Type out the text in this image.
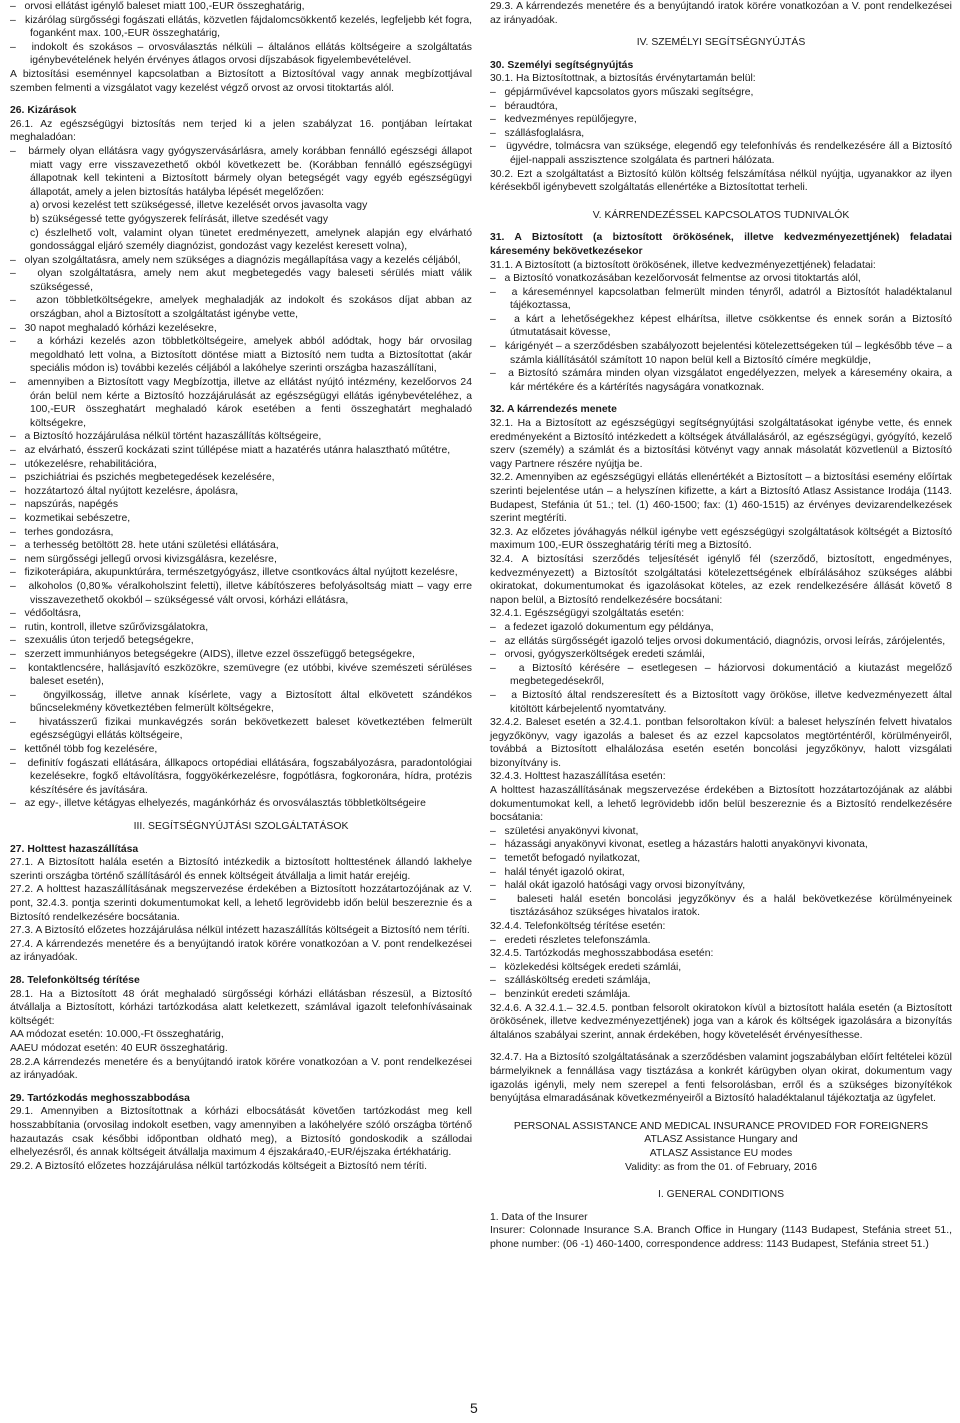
–   orvosi ellátást igénylő baleset miatt 100,-EUR összeghatárig,

–   kizárólag sürgősségi fogászati ellátás, közvetlen fájdalomcsökkentő kezelés, legfeljebb két fogra, foganként max. 100,-EUR összeghatárig,

–   indokolt és szokásos – orvosválasztás nélküli – általános ellátás költségeire a szolgáltatás igénybevételének helyén érvényes átlagos orvosi díjszabások figyelembevételével.

A biztosítási eseménnyel kapcsolatban a Biztosított a Biztosítóval vagy annak megbízottjával szemben felmenti a vizsgálatot vagy kezelést végző orvost az orvosi titoktartás alól.

26. Kizárások

26.1. Az egészségügyi biztosítás nem terjed ki a jelen szabályzat 16. pontjában leírtakat meghaladóan:

–   bármely olyan ellátásra vagy gyógyszervásárlásra, amely korábban fennálló egészségi állapot miatt vagy erre visszavezethető okból következett be. (Korábban fennálló egészségügyi állapotnak kell tekinteni a Biztosított bármely olyan betegségét vagy egyéb egészségügyi állapotát, amely a jelen biztosítás hatályba lépését megelőzően:

a) orvosi kezelést tett szükségessé, illetve kezelését orvos javasolta vagy

b) szükségessé tette gyógyszerek felírását, illetve szedését vagy

c) észlelhető volt, valamint olyan tünetet eredményezett, amelynek alapján egy elvárható gondossággal eljáró személy diagnózist, gondozást vagy kezelést keresett volna),

–   olyan szolgáltatásra, amely nem szükséges a diagnózis megállapítása vagy a kezelés céljából,

–   olyan szolgáltatásra, amely nem akut megbetegedés vagy baleseti sérülés miatt válik szükségessé,

–   azon többletköltségekre, amelyek meghaladják az indokolt és szokásos díjat abban az országban, ahol a Biztosított a szolgáltatást igénybe vette,

–   30 napot meghaladó kórházi kezelésekre,

–   a kórházi kezelés azon többletköltségeire, amelyek abból adódtak, hogy bár orvosilag megoldható lett volna, a Biztosított döntése miatt a Biztosító nem tudta a Biztosítottat (akár speciális módon is) további kezelés céljából a lakóhelye szerinti országba hazaszállítani,

–   amennyiben a Biztosított vagy Megbízottja, illetve az ellátást nyújtó intézmény, kezelőorvos 24 órán belül nem kérte a Biztosító hozzájárulását az egészségügyi ellátás igénybevételéhez, a 100,-EUR összeghatárt meghaladó károk esetében a fenti összeghatárt meghaladó költségekre,

–   a Biztosító hozzájárulása nélkül történt hazaszállítás költségeire,

–   az elvárható, ésszerű kockázati szint túllépése miatt a hazatérés utánra halasztható műtétre,

–   utókezelésre, rehabilitációra,

–   pszichiátriai és pszichés megbetegedések kezelésére,

–   hozzátartozó által nyújtott kezelésre, ápolásra,

–   napszúrás, napégés

–   kozmetikai sebészetre,

–   terhes gondozásra,

–   a terhesség betöltött 28. hete utáni születési ellátására,

–   nem sürgősségi jellegű orvosi kivizsgálásra, kezelésre,

–   fizikoterápiára, akupunktúrára, természetgyógyász, illetve csontkovács által nyújtott kezelésre,

–   alkoholos (0,80‰ véralkoholszint feletti), illetve kábítószeres befolyásoltság miatt – vagy erre visszavezethető okokból – szükségessé vált orvosi, kórházi ellátásra,

–   védőoltásra,

–   rutin, kontroll, illetve szűrővizsgálatokra,

–   szexuális úton terjedő betegségekre,

–   szerzett immunhiányos betegségekre (AIDS), illetve ezzel összefüggő betegségekre,

–   kontaktlencsére, hallásjavító eszközökre, szemüvegre (ez utóbbi, kivéve szemészeti sérüléses baleset esetén),

–   öngyilkosság, illetve annak kísérlete, vagy a Biztosított által elkövetett szándékos bűncselekmény következtében felmerült költségekre,

–   hivatásszerű fizikai munkavégzés során bekövetkezett baleset következtében felmerült egészségügyi ellátás költségeire,

–   kettőnél több fog kezelésére,

–   definitív fogászati ellátására, állkapocs ortopédiai ellátására, fogszabályozásra, paradontológiai kezelésekre, fogkő eltávolításra, foggyökérkezelésre, fogpótlásra, fogkoronára, hídra, protézis készítésére és javítására.

–   az egy-, illetve kétágyas elhelyezés, magánkórház és orvosválasztás többletköltségeire

III. SEGÍTSÉGNYÚJTÁSI SZOLGÁLTATÁSOK

27. Holttest hazaszállítása

27.1. A Biztosított halála esetén a Biztosító intézkedik a biztosított holttestének állandó lakhelye szerinti országba történő szállításáról és ennek költségeit átvállalja a limit határ erejéig.

27.2. A holttest hazaszállításának megszervezése érdekében a Biztosított hozzátartozójának az V. pont, 32.4.3. pontja szerinti dokumentumokat kell, a lehető legrövidebb időn belül beszereznie és a Biztosító rendelkezésére bocsátania.

27.3. A Biztosító előzetes hozzájárulása nélkül intézett hazaszállítás költségeit a Biztosító nem téríti.

27.4. A kárrendezés menetére és a benyújtandó iratok körére vonatkozóan a V. pont rendelkezései az irányadóak.

28. Telefonköltség térítése

28.1. Ha a Biztosított 48 órát meghaladó sürgősségi kórházi ellátásban részesül, a Biztosító átvállalja a Biztosított, kórházi tartózkodása alatt keletkezett, számlával igazolt telefonhívásainak költségét:

AA módozat esetén: 10.000,-Ft összeghatárig,

AAEU módozat esetén: 40 EUR összeghatárig.

28.2.A kárrendezés menetére és a benyújtandó iratok körére vonatkozóan a V. pont rendelkezései az irányadóak.

29. Tartózkodás meghosszabbodása

29.1. Amennyiben a Biztosítottnak a kórházi elbocsátását követően tartózkodást meg kell hosszabbítania (orvosilag indokolt esetben, vagy amennyiben a lakóhelyére szóló országba történő hazautazás csak későbbi időpontban oldható meg), a Biztosító gondoskodik a szállodai elhelyezésről, és annak költségeit átvállalja maximum 4 éjszakára40,-EUR/éjszaka értékhatárig.

29.2. A Biztosító előzetes hozzájárulása nélkül tartózkodás költségeit a Biztosító nem téríti.

29.3. A kárrendezés menetére és a benyújtandó iratok körére vonatkozóan a V. pont rendelkezései az irányadóak.

IV. SZEMÉLYI SEGÍTSÉGNYÚJTÁS

30. Személyi segítségnyújtás

30.1. Ha Biztosítottnak, a biztosítás érvénytartamán belül:

–   gépjárművével kapcsolatos gyors műszaki segítségre,

–   béraudtóra,

–   kedvezményes repülőjegyre,

–   szállásfoglalásra,

–   ügyvédre, tolmácsra van szüksége, elegendő egy telefonhívás és rendelkezésére áll a Biztosító éjjel-nappali asszisztence szolgálata és partneri hálózata.

30.2. Ezt a szolgáltatást a Biztosító külön költség felszámítása nélkül nyújtja, ugyanakkor az ilyen kérésekből igénybevett szolgáltatás ellenértéke a Biztosítottat terheli.

V. KÁRRENDEZÉSSEL KAPCSOLATOS TUDNIVALÓK

31. A Biztosított (a biztosított örökösének, illetve kedvezményezettjének) feladatai káresemény bekövetkezésekor

31.1. A Biztosított (a biztosított örökösének, illetve kedvezményezettjének) feladatai:

–   a Biztosító vonatkozásában kezelőorvosát felmentse az orvosi titoktartás alól,

–   a káreseménnyel kapcsolatban felmerült minden tényről, adatról a Biztosítót haladéktalanul tájékoztassa,

–   a kárt a lehetőségekhez képest elhárítsa, illetve csökkentse és ennek során a Biztosító útmutatásait kövesse,

–   kárigényét – a szerződésben szabályozott bejelentési kötelezettségeken túl – legkésőbb téve – a számla kiállításától számított 10 napon belül kell a Biztosító címére megküldje,

–   a Biztosító számára minden olyan vizsgálatot engedélyezzen, melyek a káresemény okaira, a kár mértékére és a kártérítés nagyságára vonatkoznak.

32. A kárrendezés menete

32.1. Ha a Biztosított az egészségügyi segítségnyújtási szolgáltatásokat igénybe vette, és ennek eredményeként a Biztosító intézkedett a költségek átvállalásáról, az egészségügyi, gyógyító, kezelő szerv (személy) a számlát és a biztosítási kötvényt vagy annak másolatát közvetlenül a Biztosító vagy Partnere részére nyújtja be.

32.2. Amennyiben az egészségügyi ellátás ellenértékét a Biztosított – a biztosítási esemény előírtak szerinti bejelentése után – a helyszínen kifizette, a kárt a Biztosító Atlasz Assistance Irodája (1143. Budapest, Stefánia út 51.; tel. (1) 460-1500; fax: (1) 460-1515) az érvényes devizarendelkezések szerint megtéríti.

32.3. Az előzetes jóváhagyás nélkül igénybe vett egészségügyi szolgáltatások költségét a Biztosító maximum 100,-EUR összeghatárig téríti meg a Biztosító.

32.4. A biztosítási szerződés teljesítését igénylő fél (szerződő, biztosított, engedményes, kedvezményezett) a Biztosítót szolgáltatási kötelezettségének elbírálásához szükséges alábbi okiratokat, dokumentumokat és igazolásokat köteles, az ezek rendelkezésére állását követő 8 napon belül, a Biztosító rendelkezésére bocsátani:

32.4.1. Egészségügyi szolgáltatás esetén:

–   a fedezet igazoló dokumentum egy példánya,

–   az ellátás sürgősségét igazoló teljes orvosi dokumentáció, diagnózis, orvosi leírás, zárójelentés,

–   orvosi, gyógyszerköltségek eredeti számlái,

–   a Biztosító kérésére – esetlegesen – háziorvosi dokumentáció a kiutazást megelőző megbetegedésekről,

–   a Biztosító által rendszeresített és a Biztosított vagy örököse, illetve kedvezményezett által kitöltött kárbejelentő nyomtatvány.

32.4.2. Baleset esetén a 32.4.1. pontban felsoroltakon kívül: a baleset helyszínén felvett hivatalos jegyzőkönyv, vagy igazolás a baleset és az ezzel kapcsolatos megtörténtéről, körülményeiről, továbbá a Biztosított elhalálozása esetén esetén boncolási jegyzőkönyv, halott vizsgálati bizonyítvány is.

32.4.3. Holttest hazaszállítása esetén:

A holttest hazaszállításának megszervezése érdekében a Biztosított hozzátartozójának az alábbi dokumentumokat kell, a lehető legrövidebb időn belül beszereznie és a Biztosító rendelkezésére bocsátania:

–   születési anyakönyvi kivonat,

–   házassági anyakönyvi kivonat, esetleg a házastárs halotti anyakönyvi kivonata,

–   temetőt befogadó nyilatkozat,

–   halál tényét igazoló okirat,

–   halál okát igazoló hatósági vagy orvosi bizonyítvány,

–   baleseti halál esetén boncolási jegyzőkönyv és a halál bekövetkezése körülményeinek tisztázásához szükséges hivatalos iratok.

32.4.4. Telefonköltség térítése esetén:

–   eredeti részletes telefonszámla.

32.4.5. Tartózkodás meghosszabbodása esetén:

–   közlekedési költségek eredeti számlái,

–   szállásköltség eredeti számlája,

–   benzinkút eredeti számlája.

32.4.6. A 32.4.1.– 32.4.5. pontban felsorolt okiratokon kívül a biztosított halála esetén (a Biztosított örökösének, illetve kedvezményezettjének) joga van a károk és költségek igazolására a bizonyítás általános szabályai szerint, annak érdekében, hogy követelését érvényesíthesse.

32.4.7. Ha a Biztosító szolgáltatásának a szerződésben valamint jogszabályban előírt feltételei közül bármelyiknek a fennállása vagy tisztázása a konkrét kárügyben olyan okirat, dokumentum vagy igazolás igényli, mely nem szerepel a fenti felsorolásban, erről és a szükséges bizonyítékok benyújtása elmaradásának következményeiről a Biztosító haladéktalanul tájékoztatja az ügyfelet.

PERSONAL ASSISTANCE AND MEDICAL INSURANCE PROVIDED FOR FOREIGNERS

ATLASZ Assistance Hungary and

ATLASZ Assistance EU modes

Validity: as from the 01. of February, 2016

I. GENERAL CONDITIONS

1. Data of the Insurer

Insurer: Colonnade Insurance S.A. Branch Office in Hungary (1143 Budapest, Stefánia street 51., phone number: (06 -1) 460-1400, correspondence address: 1143 Budapest, Stefánia street 51.)

5
